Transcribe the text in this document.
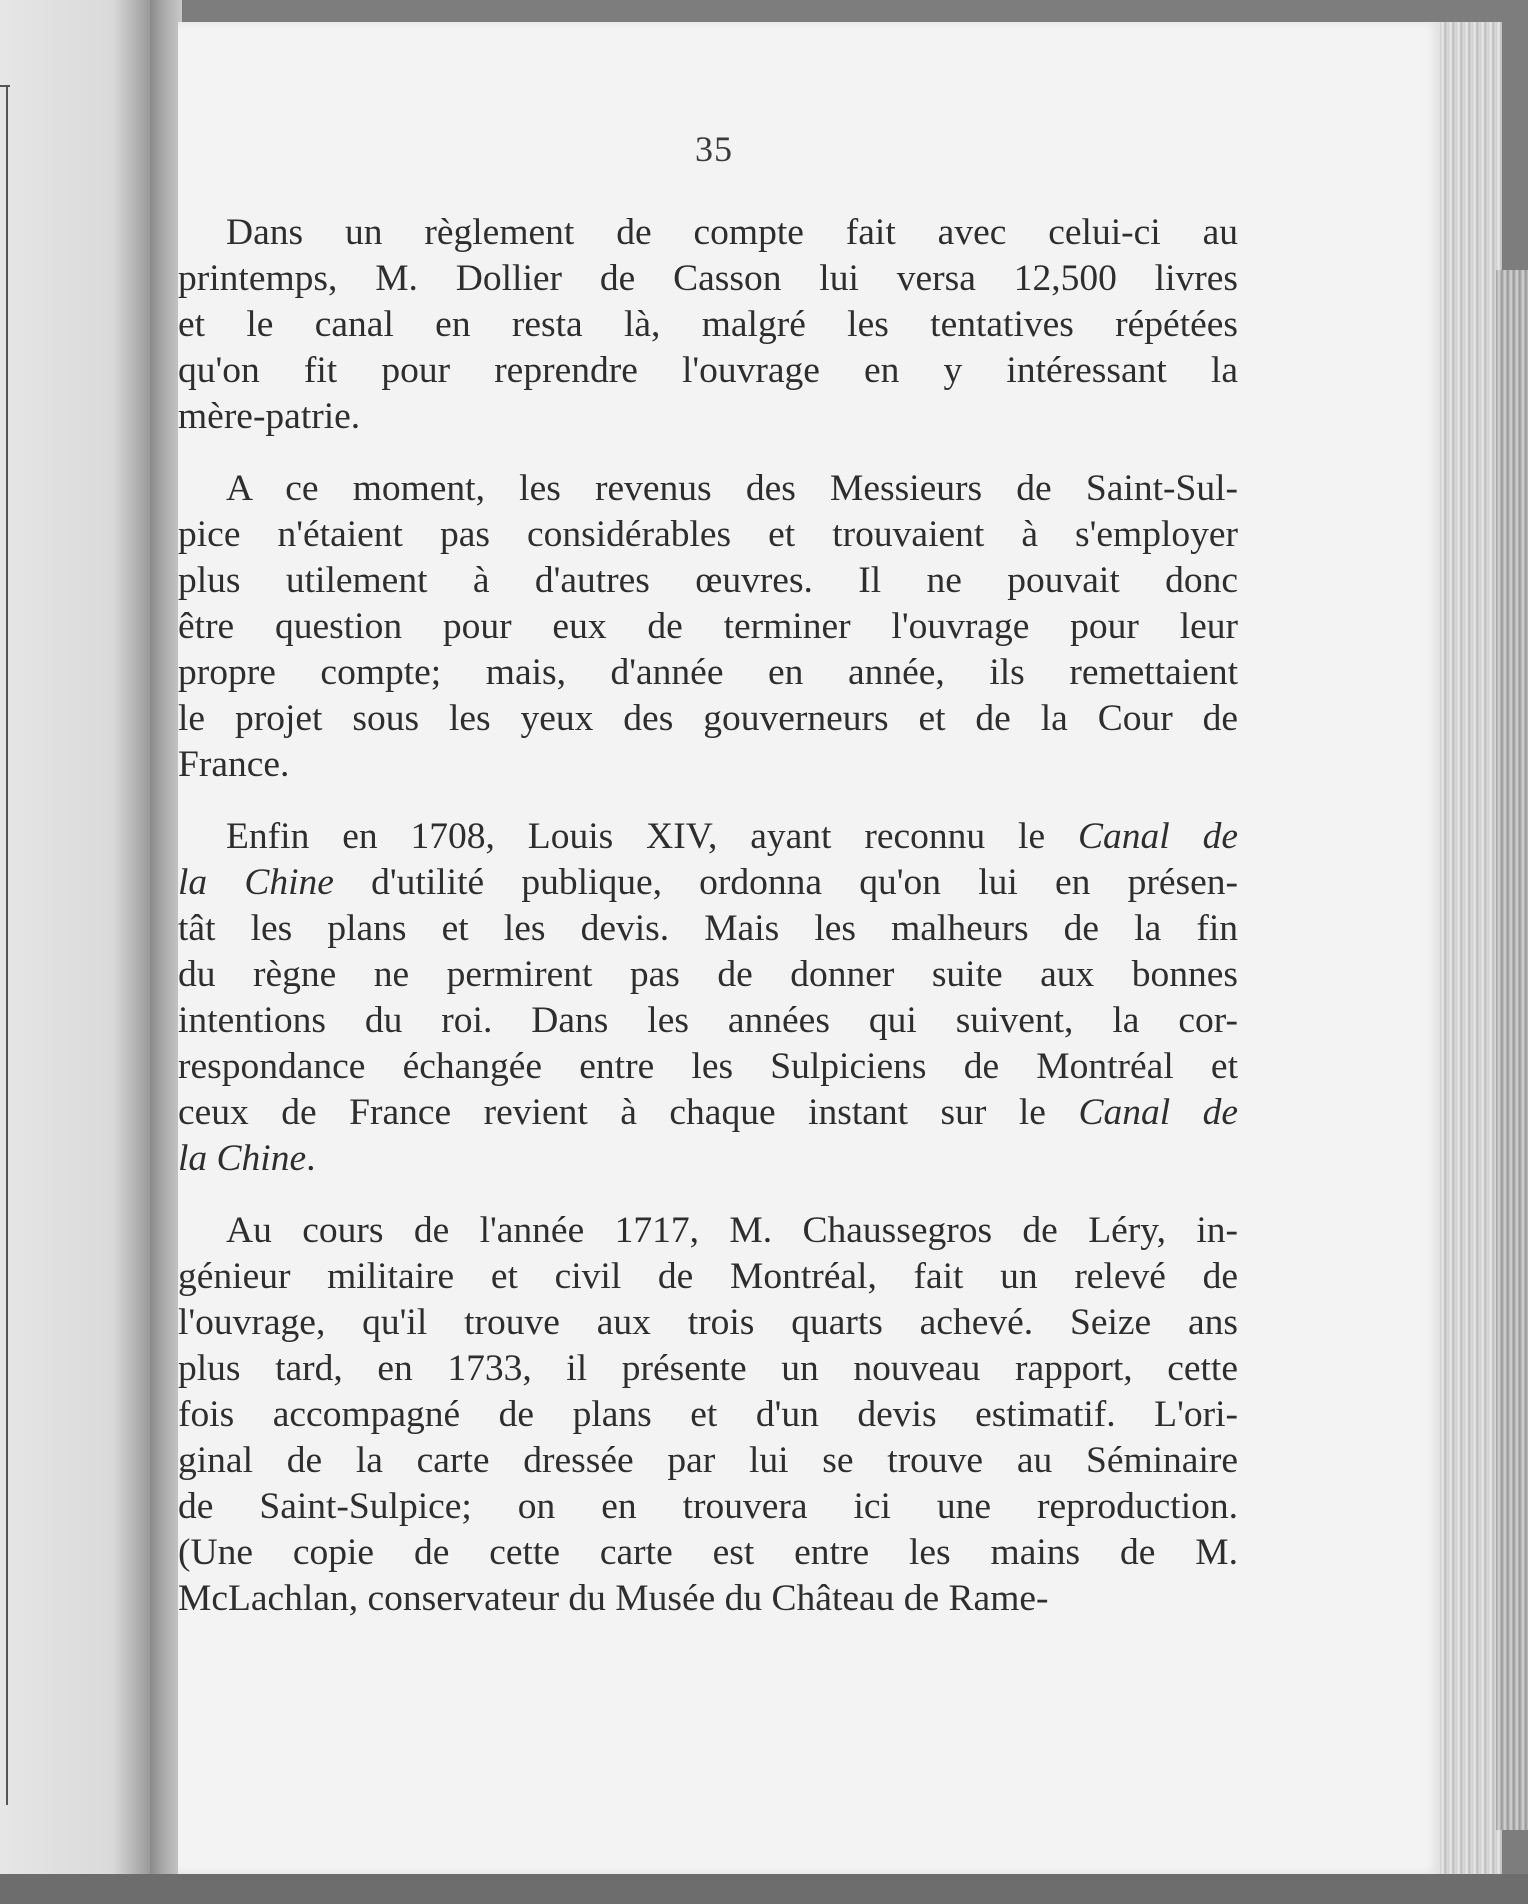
35
Dans un règlement de compte fait avec celui-ci au
printemps, M. Dollier de Casson lui versa 12,500 livres
et le canal en resta là, malgré les tentatives répétées
qu'on fit pour reprendre l'ouvrage en y intéressant la
mère-patrie.
A ce moment, les revenus des Messieurs de Saint-Sul-
pice n'étaient pas considérables et trouvaient à s'employer
plus utilement à d'autres œuvres. Il ne pouvait donc
être question pour eux de terminer l'ouvrage pour leur
propre compte; mais, d'année en année, ils remettaient
le projet sous les yeux des gouverneurs et de la Cour de
France.
Enfin en 1708, Louis XIV, ayant reconnu le Canal de
la Chine d'utilité publique, ordonna qu'on lui en présen-
tât les plans et les devis. Mais les malheurs de la fin
du règne ne permirent pas de donner suite aux bonnes
intentions du roi. Dans les années qui suivent, la cor-
respondance échangée entre les Sulpiciens de Montréal et
ceux de France revient à chaque instant sur le Canal de
la Chine.
Au cours de l'année 1717, M. Chaussegros de Léry, in-
génieur militaire et civil de Montréal, fait un relevé de
l'ouvrage, qu'il trouve aux trois quarts achevé. Seize ans
plus tard, en 1733, il présente un nouveau rapport, cette
fois accompagné de plans et d'un devis estimatif. L'ori-
ginal de la carte dressée par lui se trouve au Séminaire
de Saint-Sulpice; on en trouvera ici une reproduction.
(Une copie de cette carte est entre les mains de M.
McLachlan, conservateur du Musée du Château de Rame-
